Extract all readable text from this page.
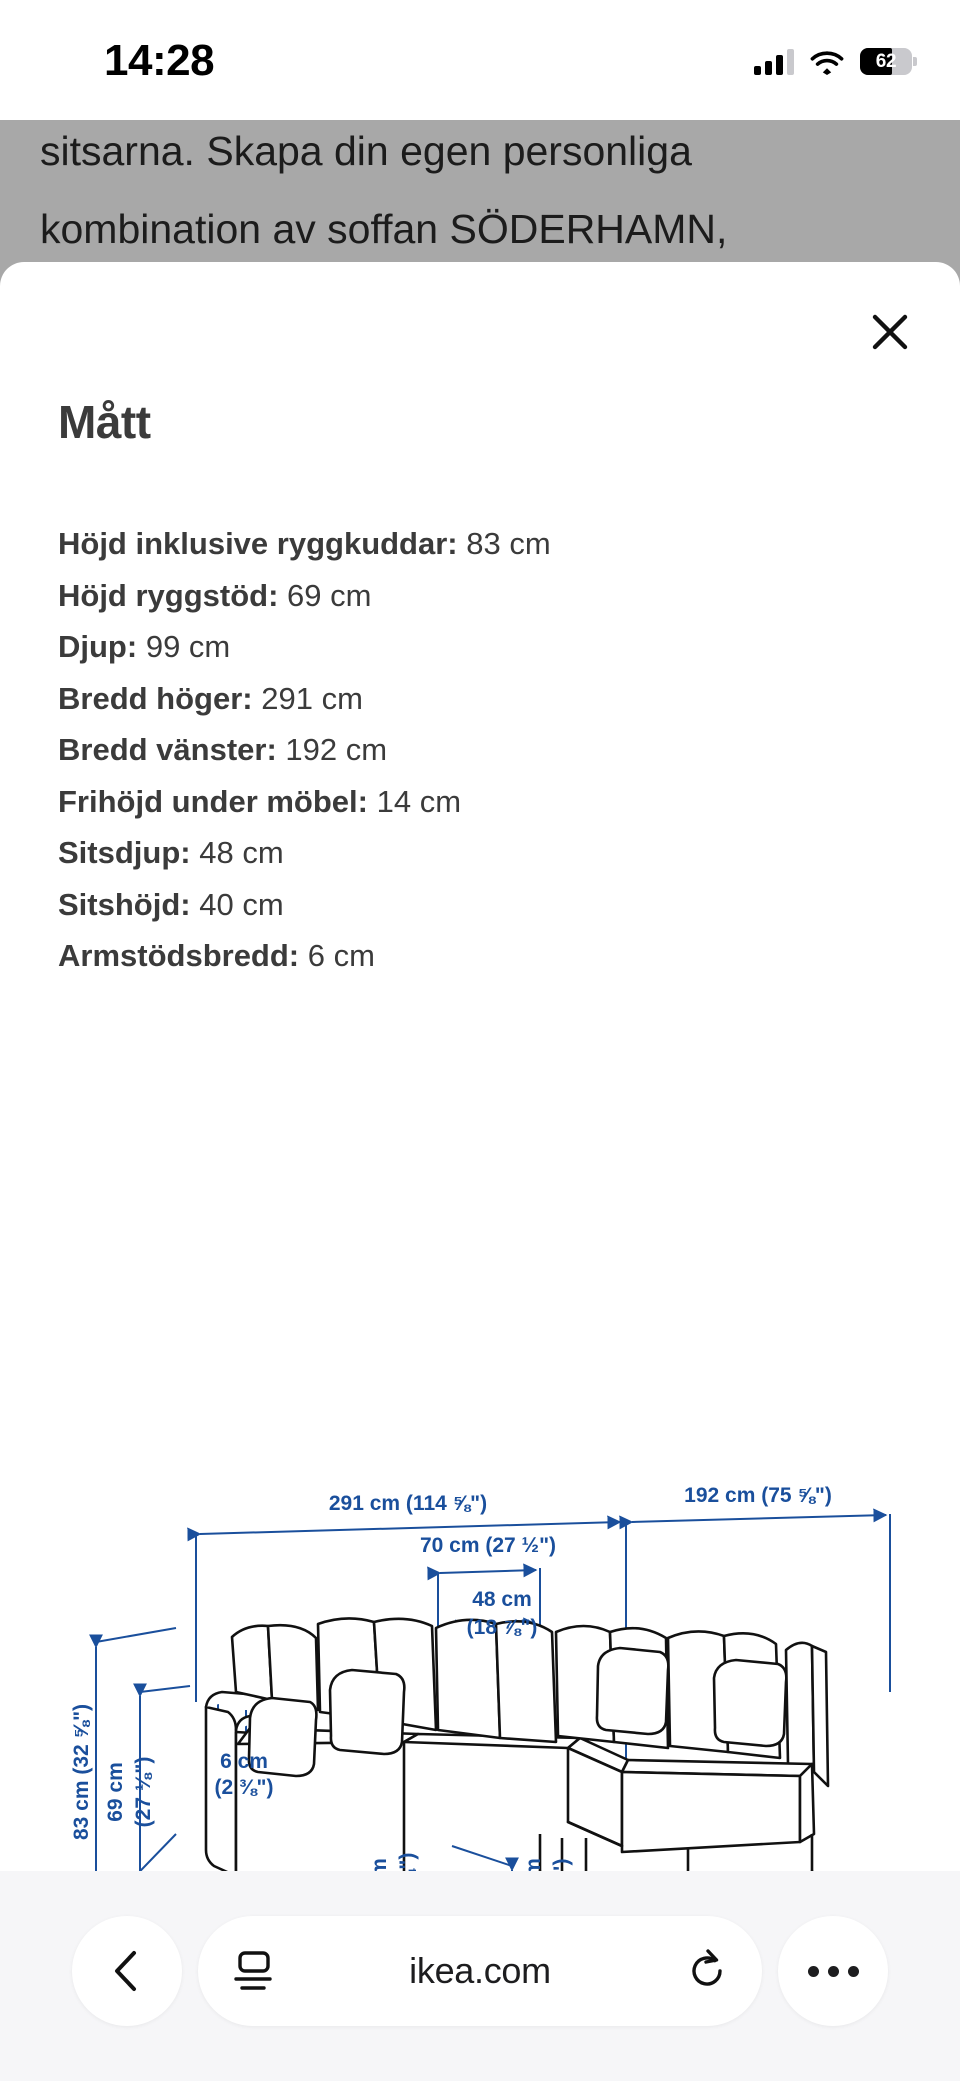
14:28	62
sitsarna. Skapa din egen personliga
kombination av soffan SÖDERHAMN,
Mått
Höjd inklusive ryggkuddar: 83 cm
Höjd ryggstöd: 69 cm
Djup: 99 cm
Bredd höger: 291 cm
Bredd vänster: 192 cm
Frihöjd under möbel: 14 cm
Sitsdjup: 48 cm
Sitshöjd: 40 cm
Armstödsbredd: 6 cm
291 cm (114 ⅝")	192 cm (75 ⅝")
70 cm (27 ½")
48 cm
(18 ⅞")
83 cm (32 ⅝") 69 cm (27 ⅛")	6 cm
(2 ⅜")
ikea.com
